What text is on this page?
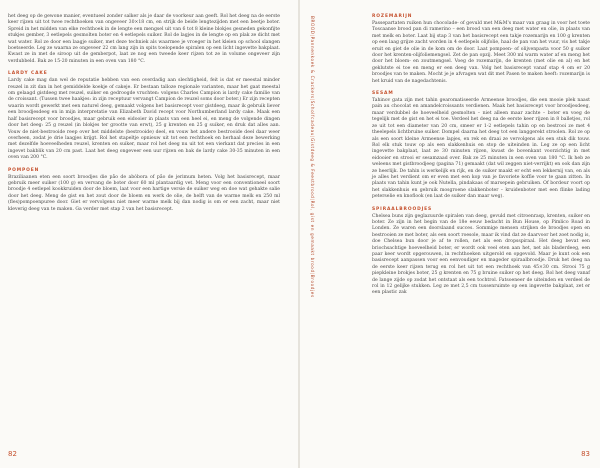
het deeg op de gewone manier, eventueel zonder salker als je daar de voorkeur aan geeft. Rol het deeg na de eerste keer rijzen uit tot twee rechthoeken van ongeveer 30×18 cm, en strijk de beide lengtezijden met een beetje boter. Spreid in het midden van elke rechthoek in de lengte een mengsel uit van 6 tot 8 kleine blokjes gesneden gekonfijte stukjes gember, 3 eetlepels gesmolten boter en 4 eetlepels suiker. Rol de lagjes in de lengte op en plak ze dicht met wat water. Rol ze door een laagje suiker, met deze techniek als waarmee je vroeger in het kleien op school slangen boetseerde. Leg ze waarna ze ongeveer 22 cm lang zijn in spits toelopende spiralen op een licht ingevette bakplaat. Kwast ze in met de siroop uit de gemberpot, laat ze nog een tweede keer rijzen tot ze in volume ongeveer zijn verdubbeld. Bak ze 15-20 minuten in een oven van 180 °C.

LARDY CAKE

Lardy cake mag dan wel de reputatie hebben van een overdadig aan slechtigheid, feit is dat er meestal minder reuzel in zit dan in het gemiddelde koekje of cakeje. Er bestaan talloze regionale varianten, maar het gaat meestal om gelaagd gistdeeg met reuzel, suiker en gedroogde vruchten: volgens Charles Campion is lardy cake familie van de croissant. (Tussen twee haakjes: in zijn receptuur vervangt Campion de reuzel soms door boter.) Er zijn recepten waarin wordt gewerkt met een naturel deeg, gemaakt volgens het basisrecept voor gistdeeg, maar ik gebruik liever een broodjesdeeg en in mijn interpretatie van Elizabeth David recept voor Northumberland lardy cake. Maak een half basisrecept voor broodjes, maar gebruik een eidooier in plaats van een heel ei, en meng de volgende dingen door het deeg: 25 g reuzel (in blokjes ter grootte van erwt), 25 g krenten en 25 g suiker, en druk dat alles aan. Vouw de niet-bestrooide reep over het middelste (bestrooide) deel, en vouw het andere bestrooide deel daar weer overheen, zodat je drie laagjes krijgt. Rol het stapeltje opnieuw uit tot een rechthoek en herhaal deze bewerking met dezelfde hoeveelheden reuzel, krenten en suiker, maar rol het deeg nu uit tot een vierkant dat precies in een ingevet bakblik van 20 cm past. Laat het deeg ongeveer een uur rijzen en bak de lardy cake 30-35 minuten in een oven van 200 °C.

POMPOEN

Braziliaanen eten een soort broodjes die pão de abóbora of pão de jerimum heten. Volg het basisrecept, maar gebruik meer suiker (100 g) en vervang de boter door 60 ml plantaardig vet. Meng voor een conventioneel soort broodje 4 eetlepel kookkruiden door de bloem, laat voor een hartige versie de suiker weg en doe wat gehakte salie door het deeg. Meng de gist en het zout door de bloem en werk de olie, de helft van de warme melk en 250 ml (fles)pompoenpuree door. Giet er vervolgens niet meer warme melk bij dan nodig is om er een zacht, maar niet kleverig deeg van te maken. Ga verder met stap 2 van het basisrecept.

82
BROOD|Pannenkoek & Crackers|Scholfcadeau|Gistdeeg & Feestbrood|Rol, gist en gemaakt brood|Broodjes
ROZEMARIJN

Passepartaten ruiken hun chocolade- of gevuld met M&M's maar van graag in voor het toete Toscaanse brood pan di ramerino – een brood van een deeg met water en olie, in plaats van met melk en boter. Laat bij stap 3 van het basisrecept een takje rozemarijn en 100 g krenten op een laag grijze zacht worden in 4 eetlepels olijfolie, haal de pan van het vuur, vis het takje eruit en giet de olie in de kom om de door. Laat pompoen- of olijvenpasta voor 50 g suiker door het krenten-olijfoliemengsel. Zet de pan opzij. Meet 300 ml warm water af en meng het door het bloem- en zoutmengsel. Voeg de rozemarijn, de krenten (met olie en al) en het geklutste ei toe en meng er een deeg van. Volg het basisrecept vanaf stap 4 om er 20 broodjes van te maken. Mocht je je afvragen wat dit met Pasen te maken heeft: rozemarijn is het kruid van de nagedachtenis.

SESAM

Tahinov gata zijn met tahin gearomatiseerde Armeense broodjes, die een mooie plek naast pain au chocolat en amandelcroissants verdienen. Maak het basisrecept voor broodjesdeeg, maar verdubbel de hoeveelheid gesmolten – niet alleen maar zachte – boter en voeg de tegelijk met de gist en het ei toe. Verdeel het deeg na de eerste keer rijzen in 8 balletjes, rol ze uit tot een diameter van 20 cm, smeer er 1-2 eetlepels tahin op en bestrooi ze met 4 theelepels lichtbruine suiker. Dompel daarna het deeg tot een langgerekt stroolen. Rol ze op als een soort kleine Armeense lapjes, en rek en draai ze vervolgens als een stuk dik touw. Rol elk stuk touw op als een slakkenhuis en stop de uiteinden in. Leg ze op een licht ingevette bakplaat, laat ze 30 minuten rijzen, kwast de bovenkant voorzichtig in met eidooier en strooi er sesamzaad over. Bak ze 25 minuten in een oven van 180 °C. Ik heb ze weleens met gistbroodjeeg (pagina 71) gemaakt (dat wil zeggen niet-verrijkt) en ook dan zijn ze heerlijk. De tahin is werkelijk en rijk, en de suiker maakt er echt een lekkernij van, en als je alles het verdient om er even met een kop van je favoriete koffie voor te gaan zitten. In plaats van tahin kunt je ook Nutella, pindakaas of marsepein gebruiken. Of bordeur voort op het slakkenhuis en gebruik mosgroene slakkenboter – kruidenboter met een flinke lading peterselie en knoflook (en laat de suiker dan maar weg).

SPIRAALBROODJES

Chelsea buns zijn geglazuurde spiralen van deeg, gevuld met citroenrasp, krenten, suiker en boter. Ze zijn in het begin van de 18e eeuw bedacht in Bun House, op Pimlico Road in Londen. Ze waren een doorslaand succes. Sommige mensen strijken de broodjes open en bestrooien ze met boter, als een soort roesole, maar ik vind dat ze daarvoor het zoet nodig is, doe Chelsea bun door je af te rollen, net als een dropsspiraal. Het deeg bevat een briochsachtige hoeveelheid boter, er wordt ook veel eten aan het, net als bladerdeeg, een paar keer wordt opgerouwen, in rechthoeken uitgerold en opgevold. Maar je kunt ook een basisrecept aanpassen voor een eenvoudiger en mageder spiraalbroodje. Druk het deeg na de eerste keer rijzen terug en rol het uit tot een rechthoek van 45×30 cm. Strooi 75 g piepkleine brokjes boter, 25 g krenten en 75 g bruine suiker op het deeg. Rol het deeg vanaf de lange zijde op zodat het ontstaat als een tochtrol. Fatsoeneer de uiteinden en verdeel de rol in 12 gelijke stukken. Leg ze met 2,5 cm tussenruimte op een ingevette bakplaat, zet er een plastic zak

83
